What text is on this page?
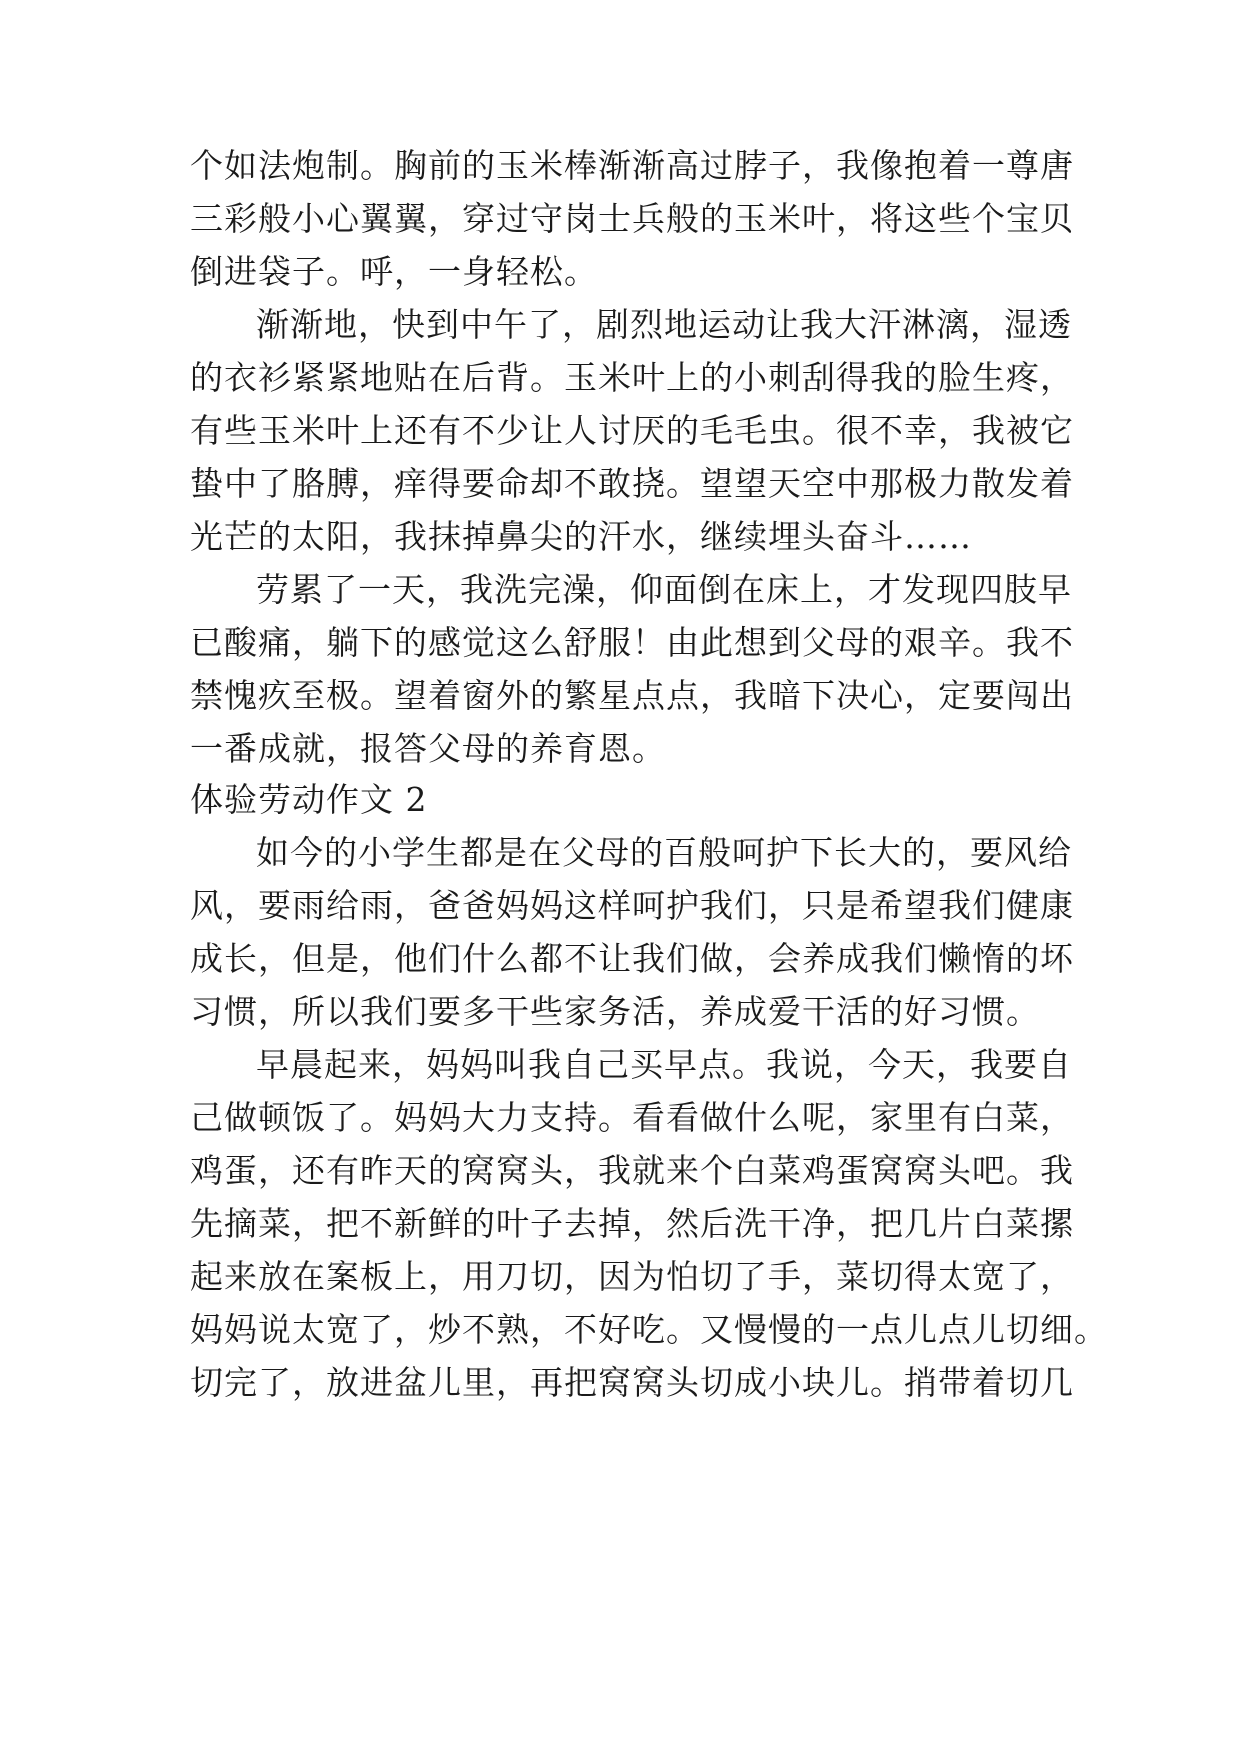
个如法炮制。胸前的玉米棒渐渐高过脖子，我像抱着一尊唐
三彩般小心翼翼，穿过守岗士兵般的玉米叶，将这些个宝贝
倒进袋子。呼，一身轻松。
渐渐地，快到中午了，剧烈地运动让我大汗淋漓，湿透
的衣衫紧紧地贴在后背。玉米叶上的小刺刮得我的脸生疼，
有些玉米叶上还有不少让人讨厌的毛毛虫。很不幸，我被它
蛰中了胳膊，痒得要命却不敢挠。望望天空中那极力散发着
光芒的太阳，我抹掉鼻尖的汗水，继续埋头奋斗……
劳累了一天，我洗完澡，仰面倒在床上，才发现四肢早
已酸痛，躺下的感觉这么舒服！由此想到父母的艰辛。我不
禁愧疚至极。望着窗外的繁星点点，我暗下决心，定要闯出
一番成就，报答父母的养育恩。
体验劳动作文 2
如今的小学生都是在父母的百般呵护下长大的，要风给
风，要雨给雨，爸爸妈妈这样呵护我们，只是希望我们健康
成长，但是，他们什么都不让我们做，会养成我们懒惰的坏
习惯，所以我们要多干些家务活，养成爱干活的好习惯。
早晨起来，妈妈叫我自己买早点。我说，今天，我要自
己做顿饭了。妈妈大力支持。看看做什么呢，家里有白菜，
鸡蛋，还有昨天的窝窝头，我就来个白菜鸡蛋窝窝头吧。我
先摘菜，把不新鲜的叶子去掉，然后洗干净，把几片白菜摞
起来放在案板上，用刀切，因为怕切了手，菜切得太宽了，
妈妈说太宽了，炒不熟，不好吃。又慢慢的一点儿点儿切细。
切完了，放进盆儿里，再把窝窝头切成小块儿。捎带着切几
